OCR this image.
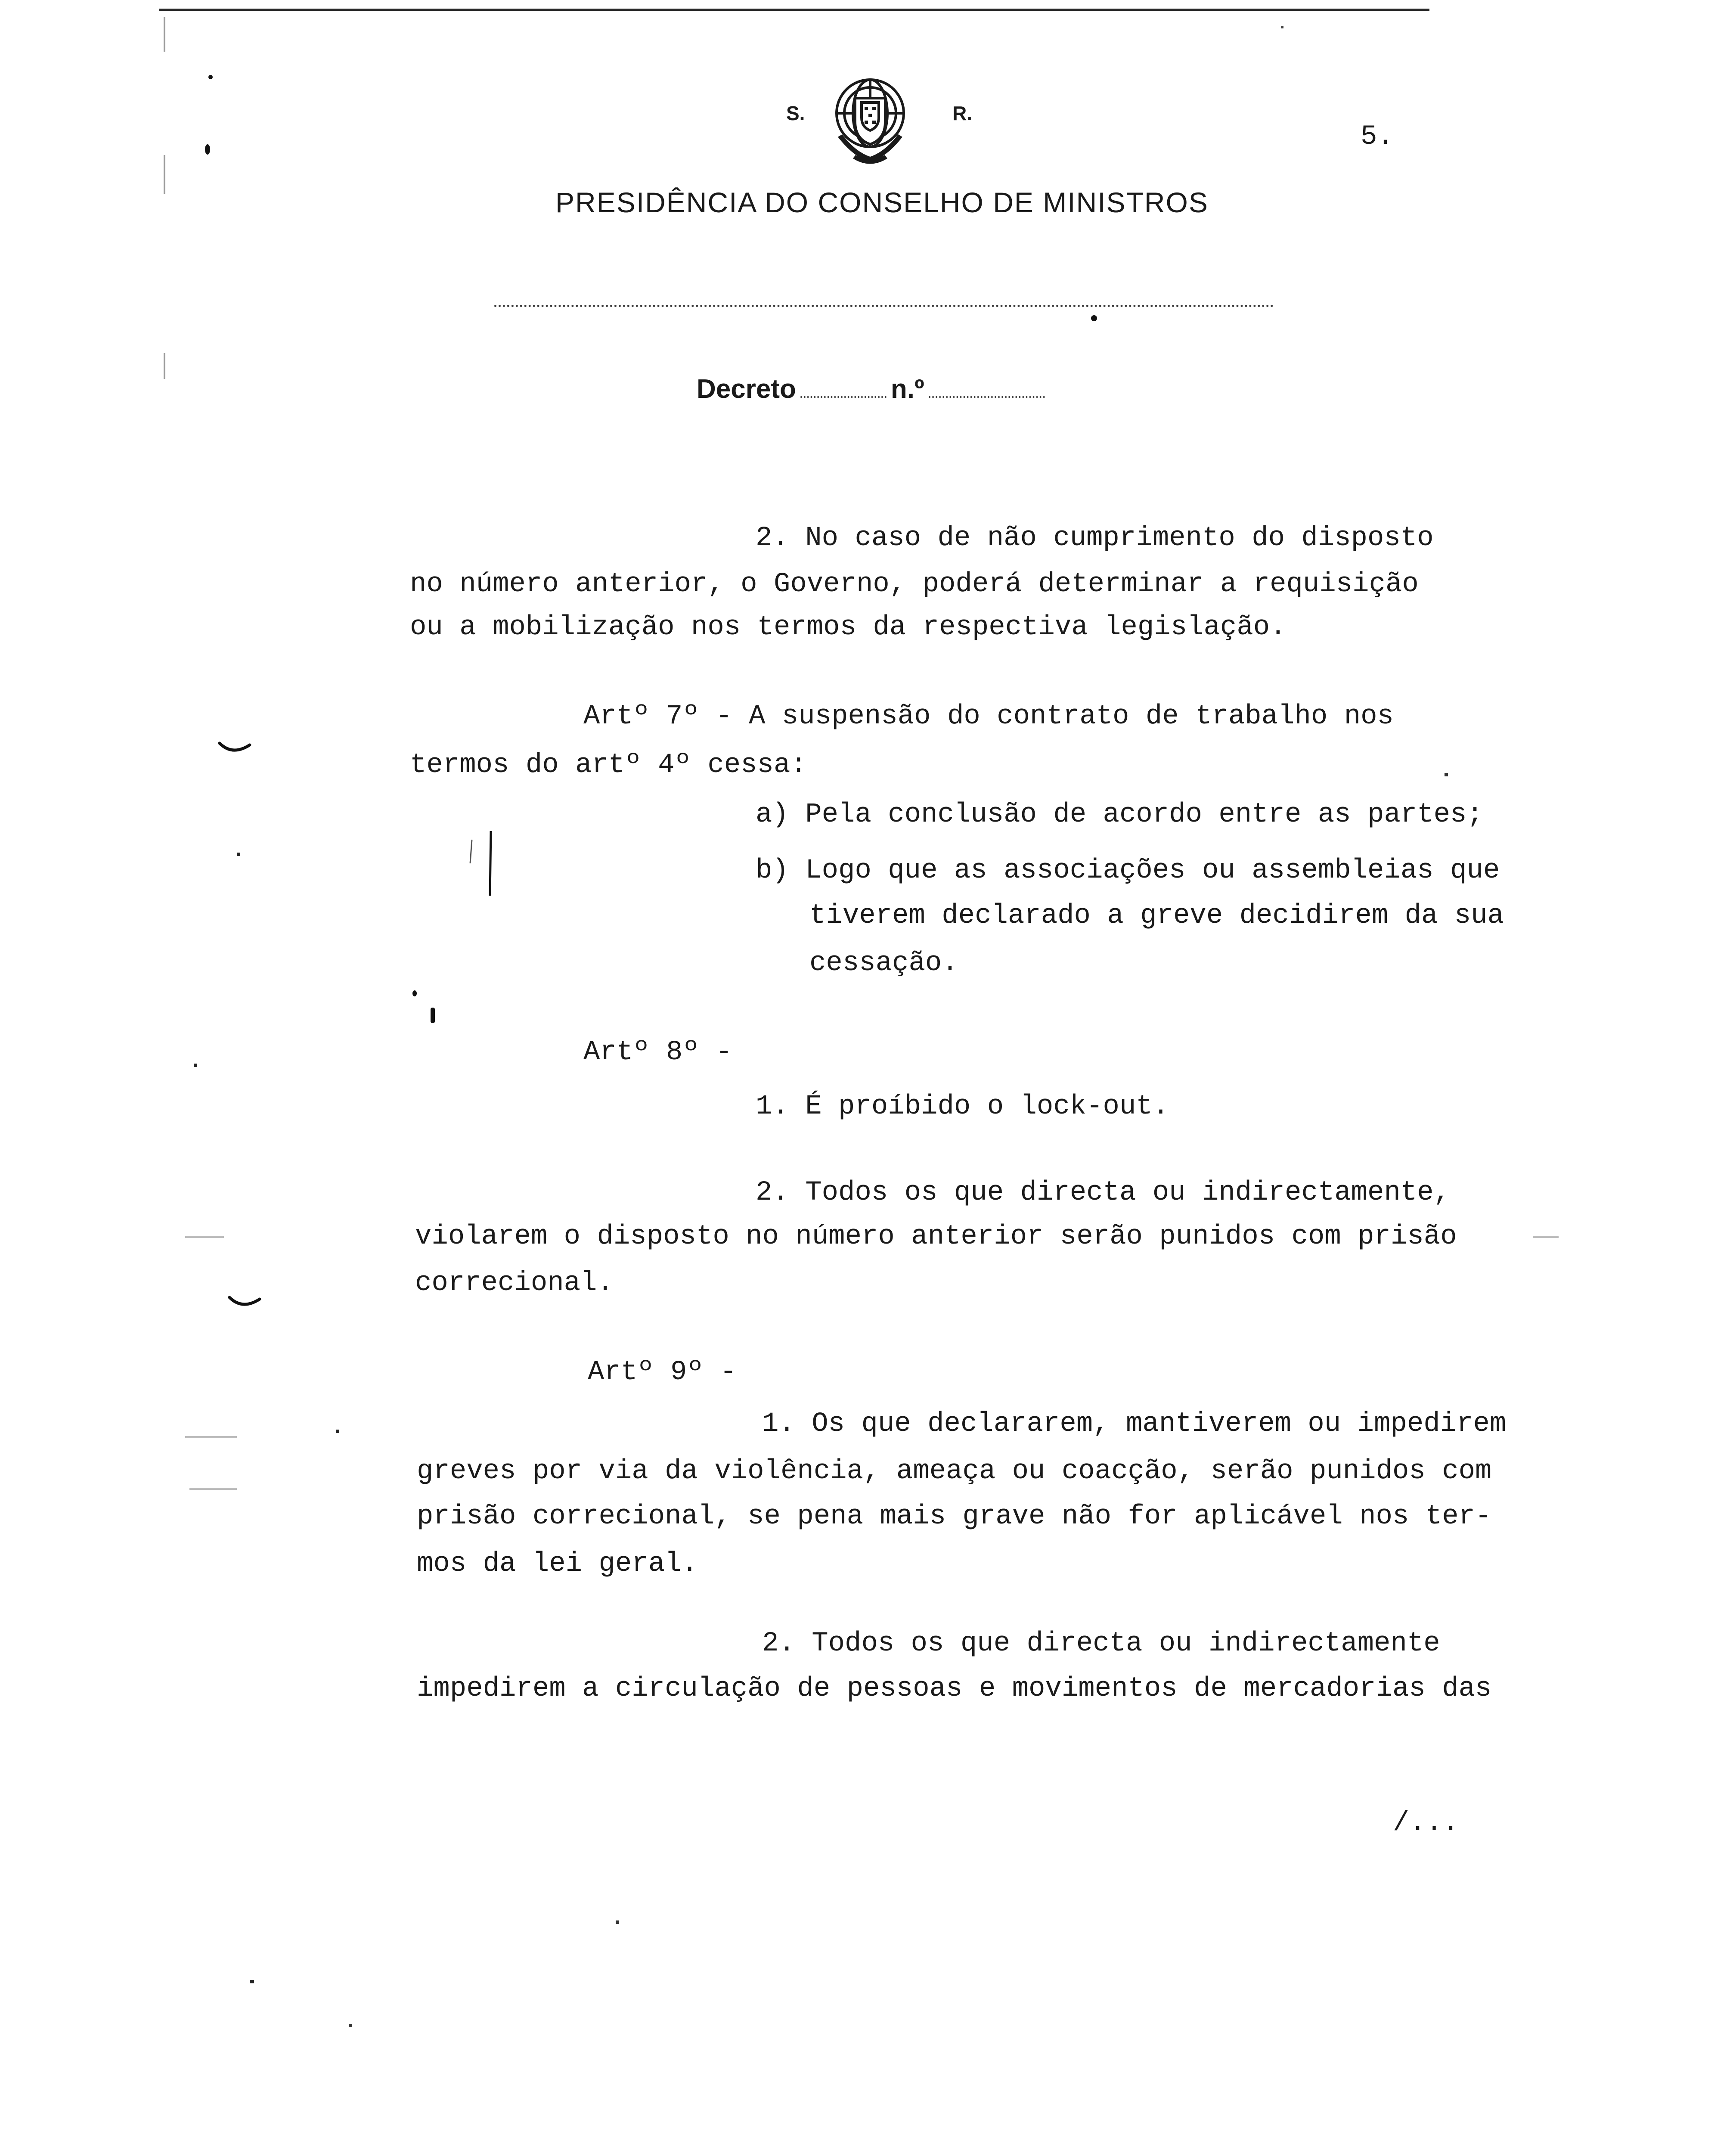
S.	R.
5.
PRESIDÊNCIA DO CONSELHO DE MINISTROS
Decreto	n.º
2. No caso de não cumprimento do disposto
no número anterior, o Governo, poderá determinar a requisição
ou a mobilização nos termos da respectiva legislação.
Artº 7º - A suspensão do contrato de trabalho nos
termos do artº 4º cessa:
a) Pela conclusão de acordo entre as partes;
b) Logo que as associações ou assembleias que
tiverem declarado a greve decidirem da sua
cessação.
Artº 8º -
1. É proíbido o lock-out.
2. Todos os que directa ou indirectamente,
violarem o disposto no número anterior serão punidos com prisão
correcional.
Artº 9º -
1. Os que declararem, mantiverem ou impedirem
greves por via da violência, ameaça ou coacção, serão punidos com
prisão correcional, se pena mais grave não for aplicável nos ter-
mos da lei geral.
2. Todos os que directa ou indirectamente
impedirem a circulação de pessoas e movimentos de mercadorias das
/...
